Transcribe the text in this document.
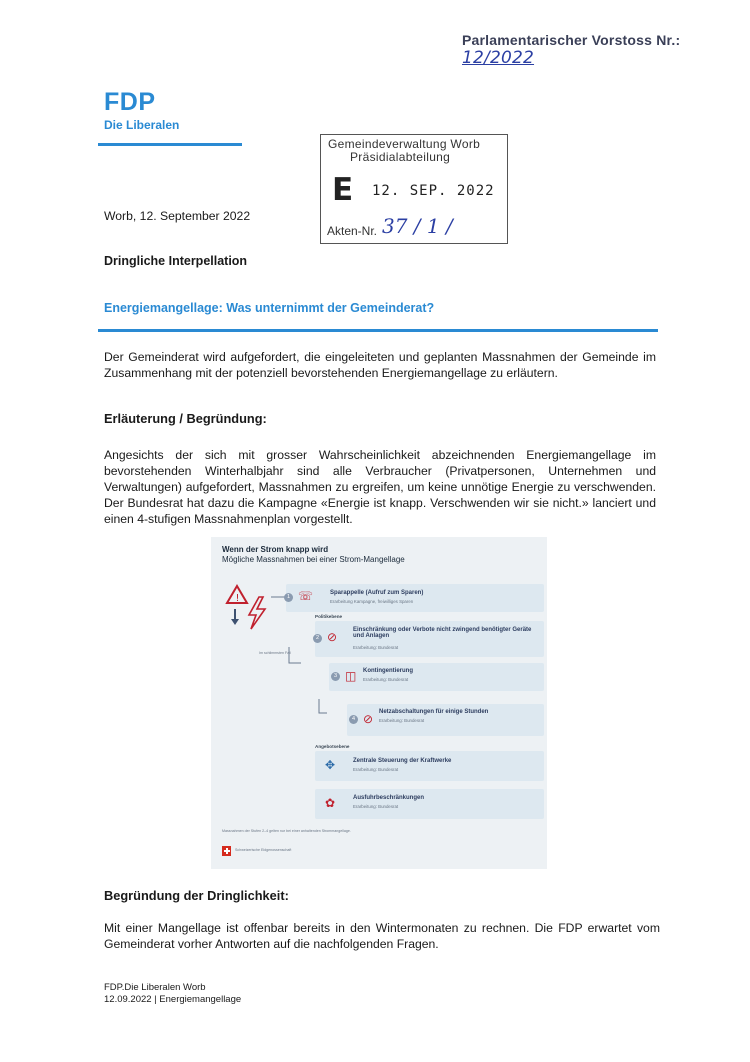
Parlamentarischer Vorstoss Nr.: 12/2022
FDP
Die Liberalen
Gemeindeverwaltung Worb
Präsidialabteilung
E 12. SEP. 2022
Akten-Nr. 37 / 1 /
Worb, 12. September 2022
Dringliche Interpellation
Energiemangellage: Was unternimmt der Gemeinderat?
Der Gemeinderat wird aufgefordert, die eingeleiteten und geplanten Massnahmen der Gemeinde im Zusammenhang mit der potenziell bevorstehenden Energiemangellage zu erläutern.
Erläuterung / Begründung:
Angesichts der sich mit grosser Wahrscheinlichkeit abzeichnenden Energiemangellage im bevorstehenden Winterhalbjahr sind alle Verbraucher (Privatpersonen, Unternehmen und Verwaltungen) aufgefordert, Massnahmen zu ergreifen, um keine unnötige Energie zu verschwenden. Der Bundesrat hat dazu die Kampagne «Energie ist knapp. Verschwenden wir sie nicht.» lanciert und einen 4-stufigen Massnahmenplan vorgestellt.
Wenn der Strom knapp wird
Mögliche Massnahmen bei einer Strom-Mangellage
!
Im schlimmsten Fall
1 ☏	Sparappelle (Aufruf zum Sparen)
Erarbeitung Kampagne, freiwilliges Sparen
Politikebene
2 ⊘	Einschränkung oder Verbote nicht zwingend benötigter Geräte und Anlagen
Erarbeitung: Bundesrat
3 ◫ Kontingentierung
Erarbeitung: Bundesrat
4 ⊘ Netzabschaltungen für einige Stunden
Erarbeitung: Bundesrat
Angebotsebene
✥	Zentrale Steuerung der Kraftwerke
Erarbeitung: Bundesrat
✿	Ausfuhrbeschränkungen
Erarbeitung: Bundesrat
Massnahmen der Stufen 2–4 gelten nur bei einer anhaltenden Strommangellage.
Schweizerische Eidgenossenschaft
Begründung der Dringlichkeit:
Mit einer Mangellage ist offenbar bereits in den Wintermonaten zu rechnen. Die FDP erwartet vom Gemeinderat vorher Antworten auf die nachfolgenden Fragen.
FDP.Die Liberalen Worb
12.09.2022 | Energiemangellage
